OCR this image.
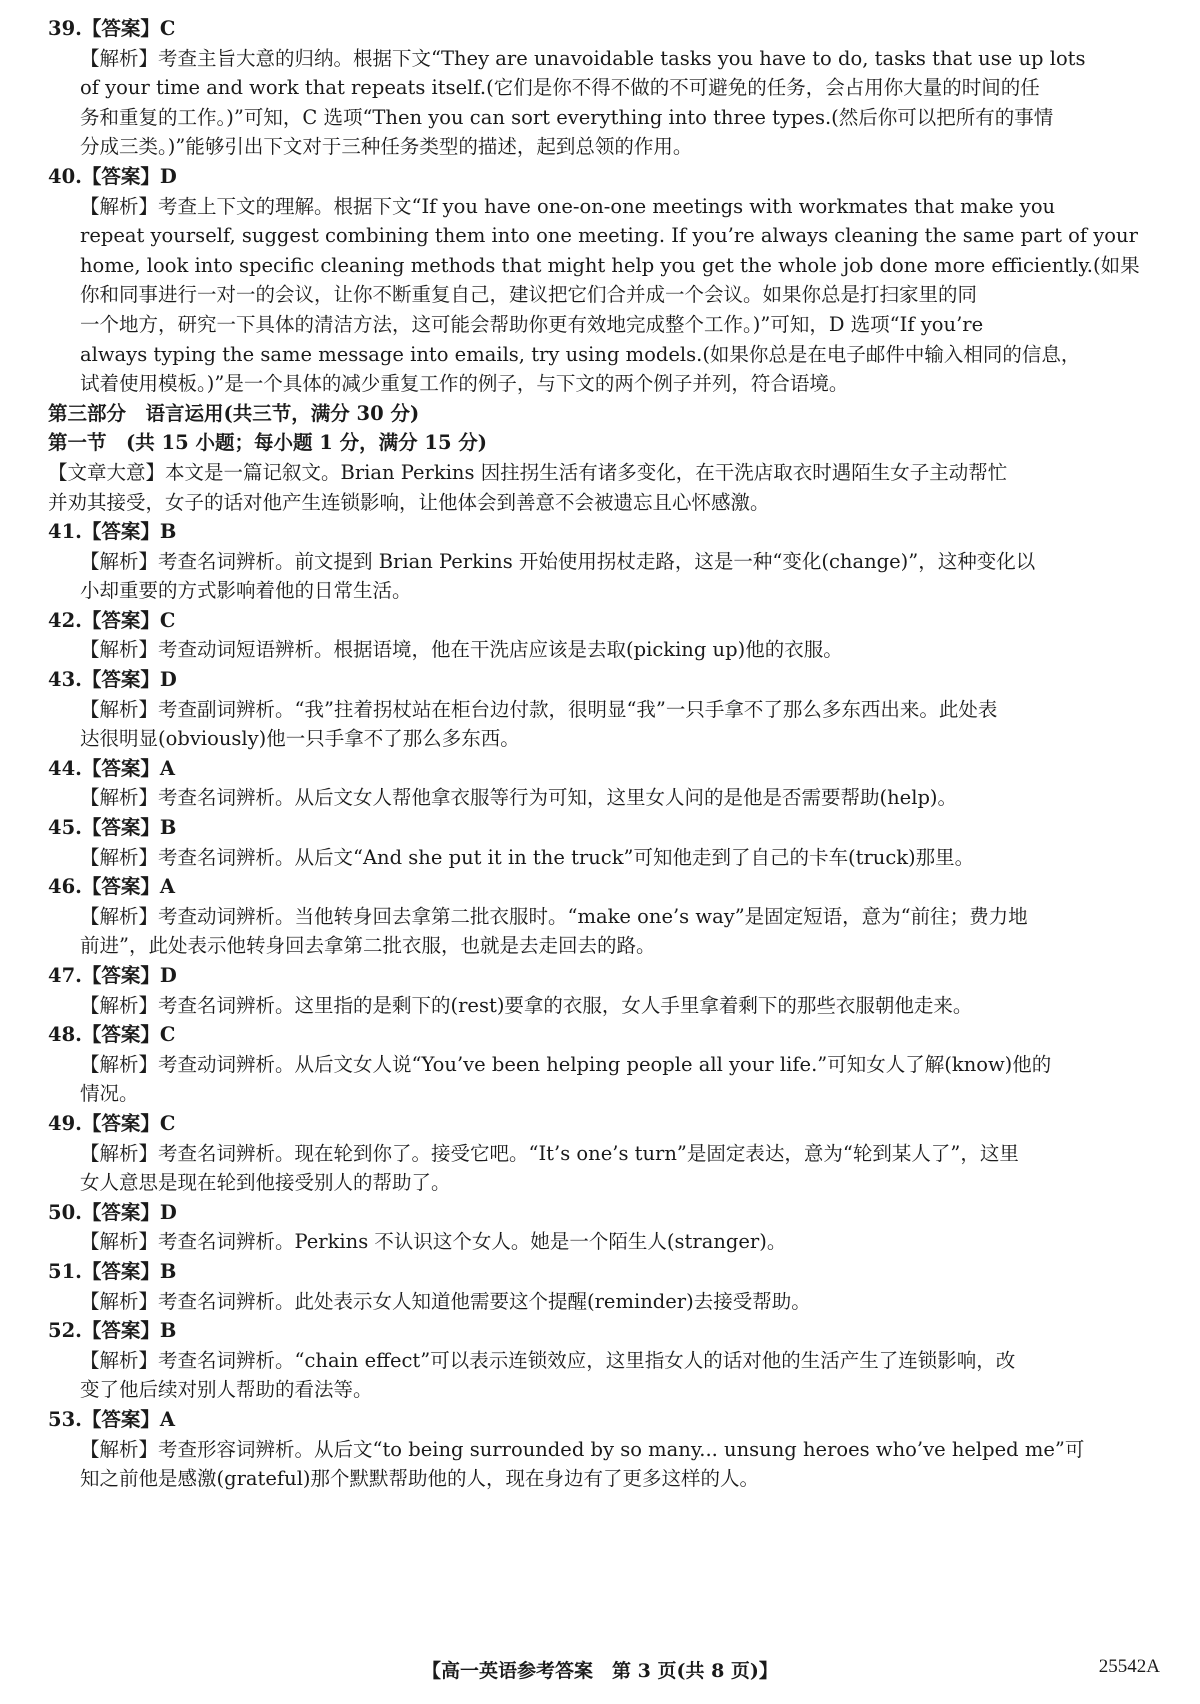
39.【答案】C
【解析】考查主旨大意的归纳。根据下文“They are unavoidable tasks you have to do, tasks that use up lots
of your time and work that repeats itself.(它们是你不得不做的不可避免的任务，会占用你大量的时间的任
务和重复的工作。)”可知，C 选项“Then you can sort everything into three types.(然后你可以把所有的事情
分成三类。)”能够引出下文对于三种任务类型的描述，起到总领的作用。
40.【答案】D
【解析】考查上下文的理解。根据下文“If you have one-on-one meetings with workmates that make you
repeat yourself, suggest combining them into one meeting. If you’re always cleaning the same part of your
home, look into specific cleaning methods that might help you get the whole job done more efficiently.(如果
你和同事进行一对一的会议，让你不断重复自己，建议把它们合并成一个会议。如果你总是打扫家里的同
一个地方，研究一下具体的清洁方法，这可能会帮助你更有效地完成整个工作。)”可知，D 选项“If you’re
always typing the same message into emails, try using models.(如果你总是在电子邮件中输入相同的信息，
试着使用模板。)”是一个具体的减少重复工作的例子，与下文的两个例子并列，符合语境。
第三部分　语言运用(共三节，满分 30 分)
第一节　(共 15 小题；每小题 1 分，满分 15 分)
【文章大意】本文是一篇记叙文。Brian Perkins 因拄拐生活有诸多变化，在干洗店取衣时遇陌生女子主动帮忙
并劝其接受，女子的话对他产生连锁影响，让他体会到善意不会被遗忘且心怀感激。
41.【答案】B
【解析】考查名词辨析。前文提到 Brian Perkins 开始使用拐杖走路，这是一种“变化(change)”，这种变化以
小却重要的方式影响着他的日常生活。
42.【答案】C
【解析】考查动词短语辨析。根据语境，他在干洗店应该是去取(picking up)他的衣服。
43.【答案】D
【解析】考查副词辨析。“我”拄着拐杖站在柜台边付款，很明显“我”一只手拿不了那么多东西出来。此处表
达很明显(obviously)他一只手拿不了那么多东西。
44.【答案】A
【解析】考查名词辨析。从后文女人帮他拿衣服等行为可知，这里女人问的是他是否需要帮助(help)。
45.【答案】B
【解析】考查名词辨析。从后文“And she put it in the truck”可知他走到了自己的卡车(truck)那里。
46.【答案】A
【解析】考查动词辨析。当他转身回去拿第二批衣服时。“make one’s way”是固定短语，意为“前往；费力地
前进”，此处表示他转身回去拿第二批衣服，也就是去走回去的路。
47.【答案】D
【解析】考查名词辨析。这里指的是剩下的(rest)要拿的衣服，女人手里拿着剩下的那些衣服朝他走来。
48.【答案】C
【解析】考查动词辨析。从后文女人说“You’ve been helping people all your life.”可知女人了解(know)他的
情况。
49.【答案】C
【解析】考查名词辨析。现在轮到你了。接受它吧。“It’s one’s turn”是固定表达，意为“轮到某人了”，这里
女人意思是现在轮到他接受别人的帮助了。
50.【答案】D
【解析】考查名词辨析。Perkins 不认识这个女人。她是一个陌生人(stranger)。
51.【答案】B
【解析】考查名词辨析。此处表示女人知道他需要这个提醒(reminder)去接受帮助。
52.【答案】B
【解析】考查名词辨析。“chain effect”可以表示连锁效应，这里指女人的话对他的生活产生了连锁影响，改
变了他后续对别人帮助的看法等。
53.【答案】A
【解析】考查形容词辨析。从后文“to being surrounded by so many... unsung heroes who’ve helped me”可
知之前他是感激(grateful)那个默默帮助他的人，现在身边有了更多这样的人。
【高一英语参考答案　第 3 页(共 8 页)】	25542A
